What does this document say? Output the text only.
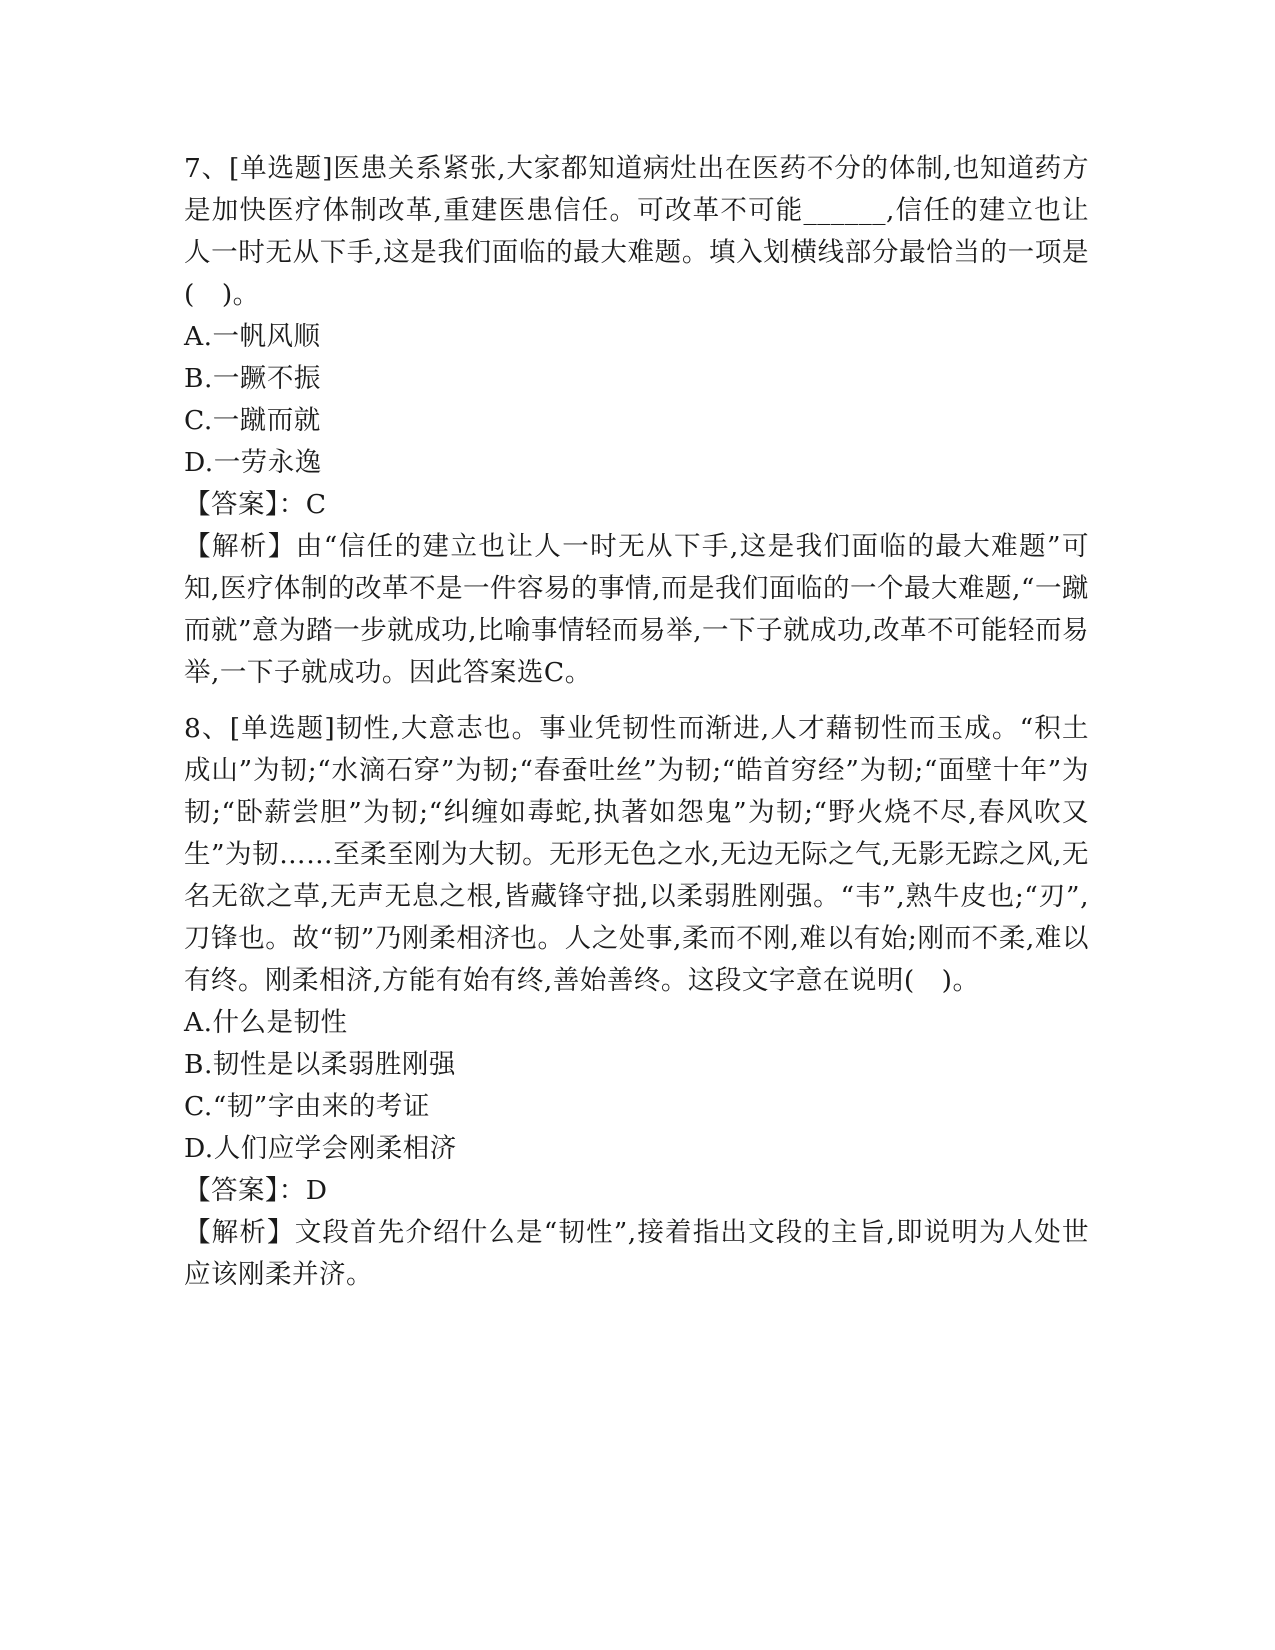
7、[单选题]医患关系紧张,大家都知道病灶出在医药不分的体制,也知道药方是加快医疗体制改革,重建医患信任。可改革不可能______,信任的建立也让人一时无从下手,这是我们面临的最大难题。填入划横线部分最恰当的一项是(　)。

A.一帆风顺
B.一蹶不振
C.一蹴而就
D.一劳永逸

【答案】：C

【解析】由“信任的建立也让人一时无从下手,这是我们面临的最大难题”可知,医疗体制的改革不是一件容易的事情,而是我们面临的一个最大难题,“一蹴而就”意为踏一步就成功,比喻事情轻而易举,一下子就成功,改革不可能轻而易举,一下子就成功。因此答案选C。

8、[单选题]韧性,大意志也。事业凭韧性而渐进,人才藉韧性而玉成。“积土成山”为韧;“水滴石穿”为韧;“春蚕吐丝”为韧;“皓首穷经”为韧;“面壁十年”为韧;“卧薪尝胆”为韧;“纠缠如毒蛇,执著如怨鬼”为韧;“野火烧不尽,春风吹又生”为韧……至柔至刚为大韧。无形无色之水,无边无际之气,无影无踪之风,无名无欲之草,无声无息之根,皆藏锋守拙,以柔弱胜刚强。“韦”,熟牛皮也;“刃”,刀锋也。故“韧”乃刚柔相济也。人之处事,柔而不刚,难以有始;刚而不柔,难以有终。刚柔相济,方能有始有终,善始善终。这段文字意在说明(　)。

A.什么是韧性
B.韧性是以柔弱胜刚强
C.“韧”字由来的考证
D.人们应学会刚柔相济

【答案】：D

【解析】文段首先介绍什么是“韧性”,接着指出文段的主旨,即说明为人处世应该刚柔并济。
